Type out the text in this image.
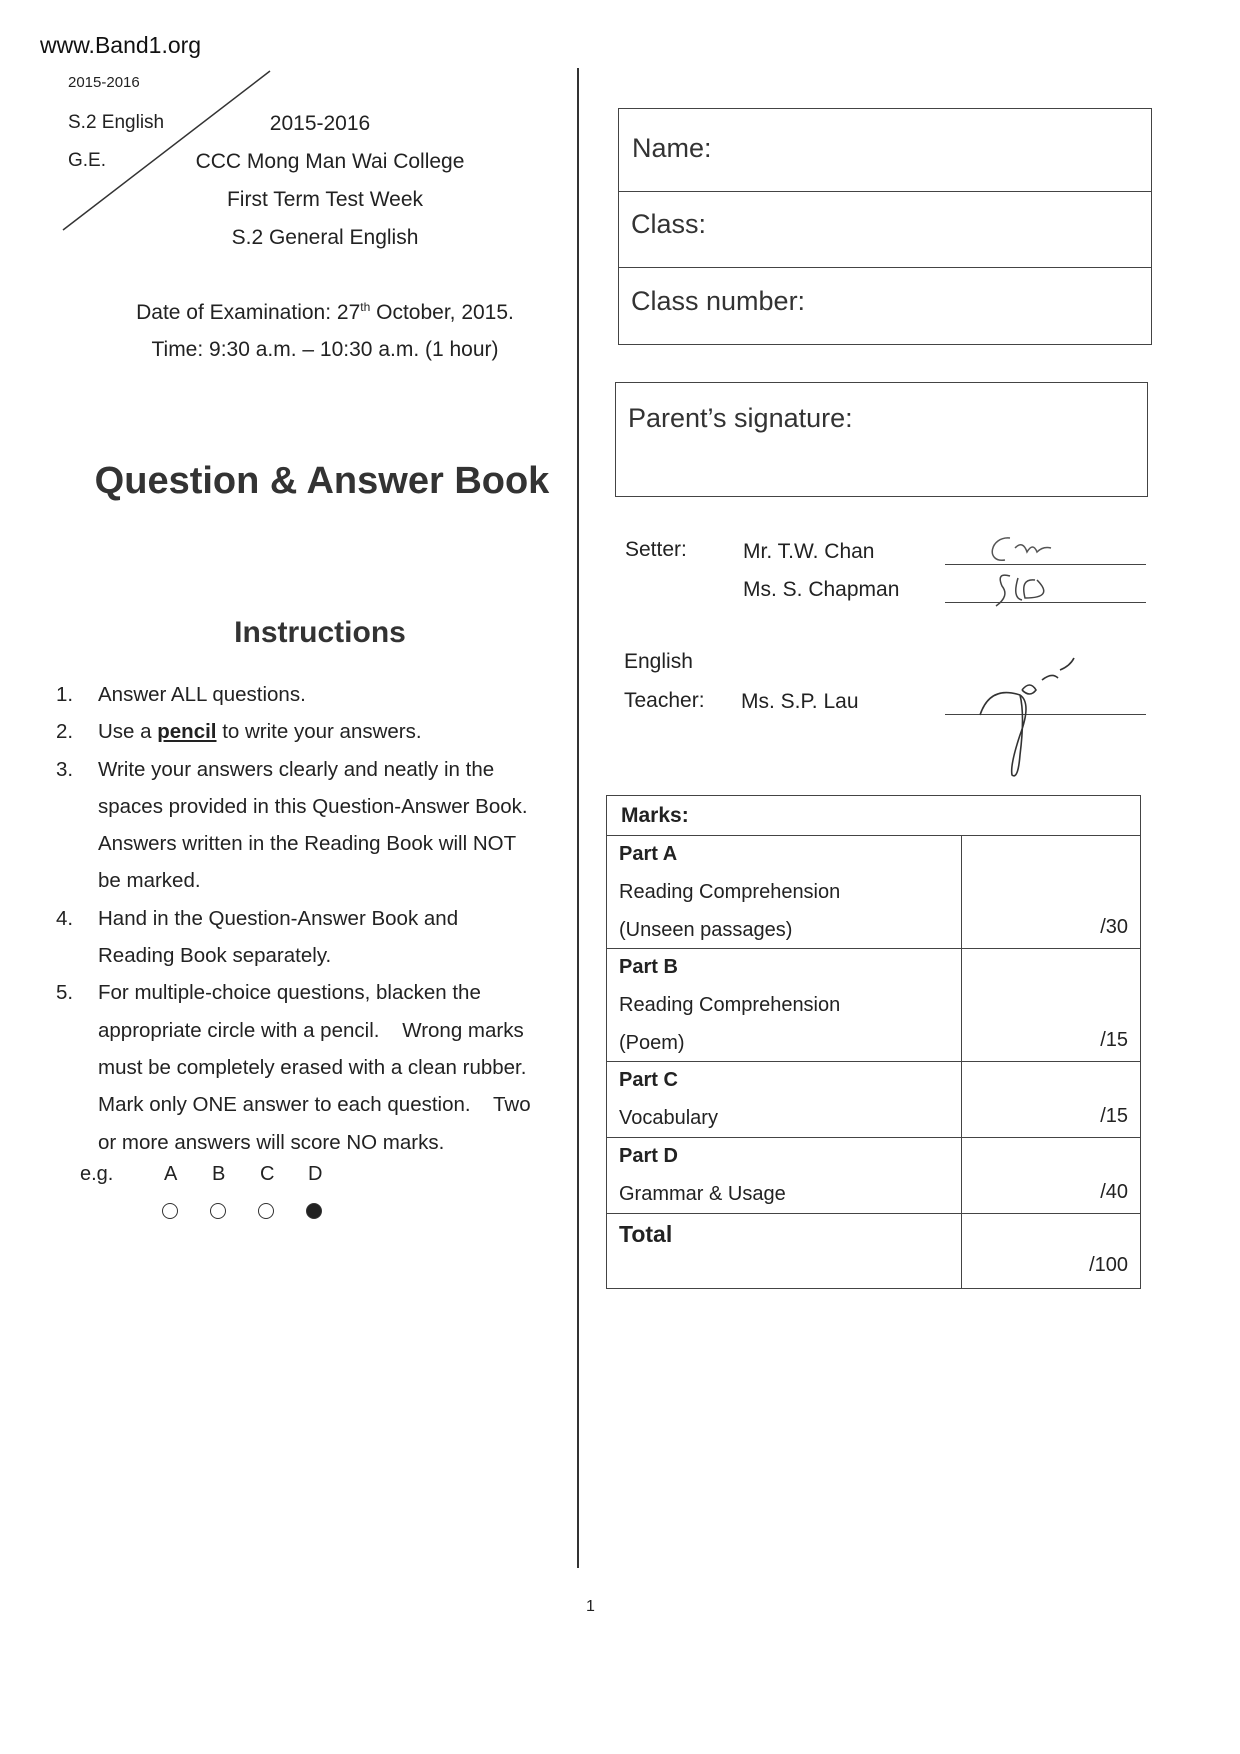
www.Band1.org
2015-2016
S.2 English
G.E.
2015-2016
CCC Mong Man Wai College
First Term Test Week
S.2 General English
Date of Examination: 27th October, 2015.
Time: 9:30 a.m. – 10:30 a.m. (1 hour)
Question & Answer Book
Instructions
1. Answer ALL questions.
2. Use a pencil to write your answers.
3. Write your answers clearly and neatly in the
spaces provided in this Question-Answer Book.
Answers written in the Reading Book will NOT
be marked.
4. Hand in the Question-Answer Book and
Reading Book separately.
5. For multiple-choice questions, blacken the
appropriate circle with a pencil.    Wrong marks
must be completely erased with a clean rubber.
Mark only ONE answer to each question.    Two
or more answers will score NO marks.
e.g.
Name:
Class:
Class number:
Parent’s signature:
Setter:	Mr. T.W. Chan
Ms. S. Chapman
English
Teacher: Ms. S.P. Lau
Marks:
Part A
Reading Comprehension
(Unseen passages)	/30
Part B
Reading Comprehension
(Poem)	/15
Part C
Vocabulary	/15
Part D
Grammar & Usage	/40
Total
/100
1
A B C D
